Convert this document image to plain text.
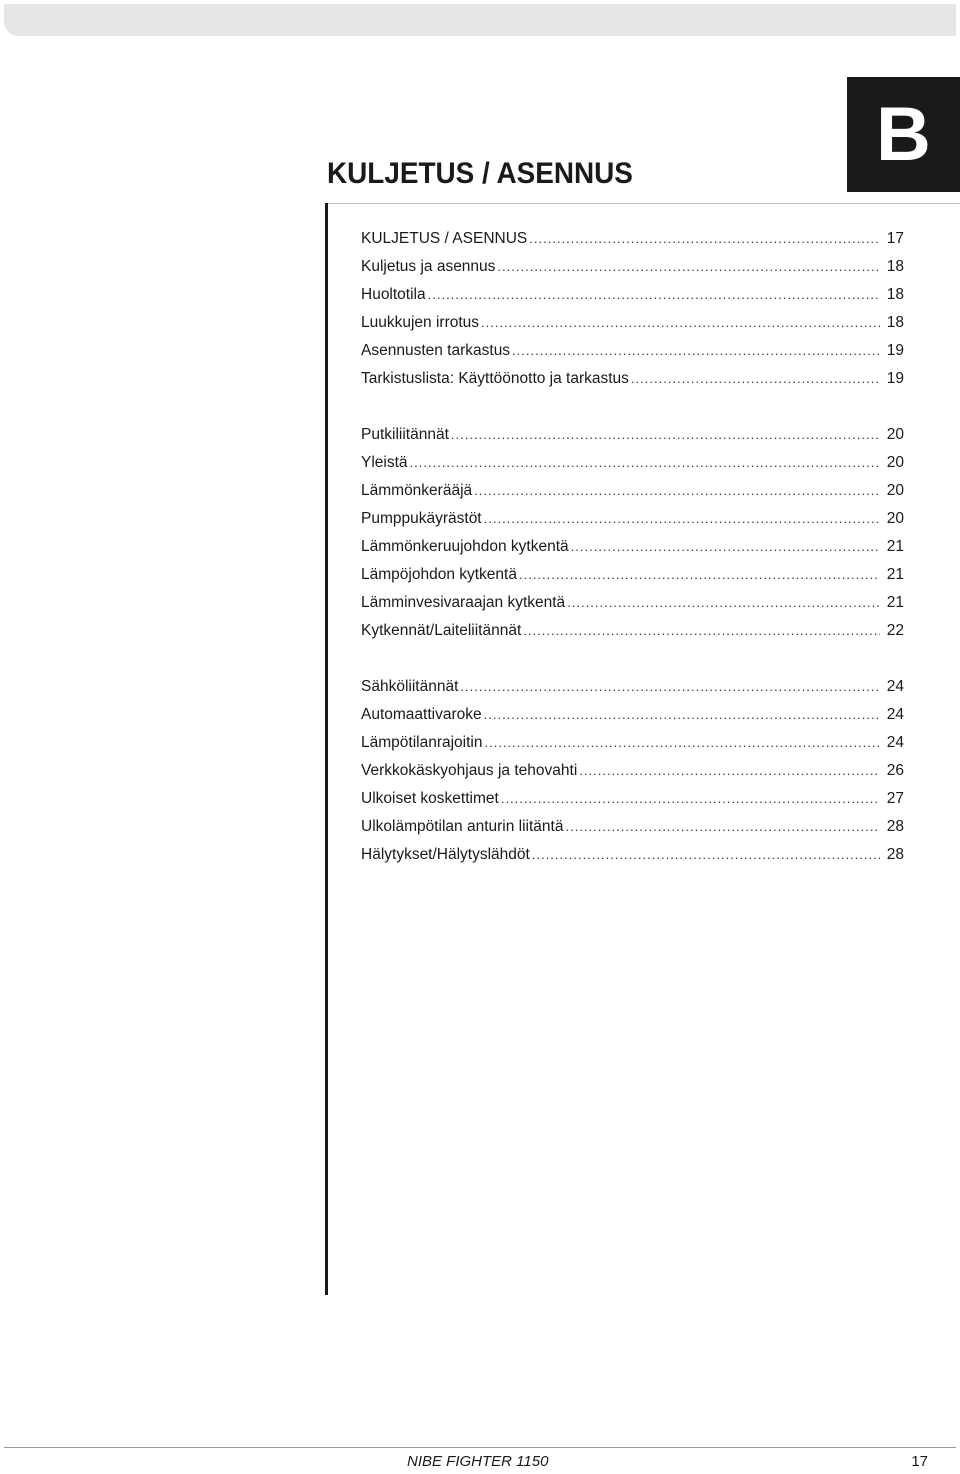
B
KULJETUS / ASENNUS
KULJETUS / ASENNUS .....	17
Kuljetus ja asennus .....	18
Huoltotila .....	18
Luukkujen irrotus .....	18
Asennusten tarkastus .....	19
Tarkistuslista: Käyttöönotto ja tarkastus .....	19
Putkiliitännät .....	20
Yleistä .....	20
Lämmönkerääjä .....	20
Pumppukäyrästöt .....	20
Lämmönkeruujohdon kytkentä .....	21
Lämpöjohdon kytkentä .....	21
Lämminvesivaraajan kytkentä .....	21
Kytkennät/Laiteliitännät .....	22
Sähköliitännät .....	24
Automaattivaroke .....	24
Lämpötilanrajoitin .....	24
Verkkokäskyohjaus ja tehovahti .....	26
Ulkoiset koskettimet .....	27
Ulkolämpötilan anturin liitäntä .....	28
Hälytykset/Hälytyslähdöt .....	28
NIBE FIGHTER 1150	17
